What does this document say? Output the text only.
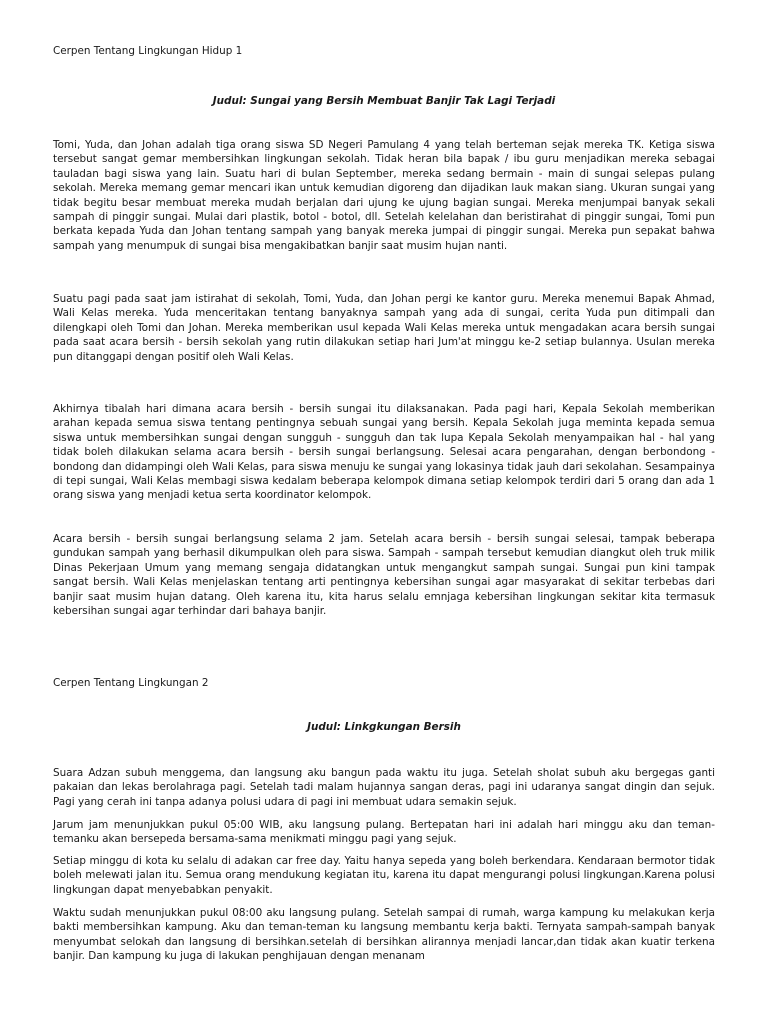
Cerpen Tentang Lingkungan Hidup 1

Judul: Sungai yang Bersih Membuat Banjir Tak Lagi Terjadi

Tomi, Yuda, dan Johan adalah tiga orang siswa SD Negeri Pamulang 4 yang telah berteman sejak mereka TK. Ketiga siswa tersebut sangat gemar membersihkan lingkungan sekolah. Tidak heran bila bapak / ibu guru menjadikan mereka sebagai tauladan bagi siswa yang lain. Suatu hari di bulan September, mereka sedang bermain - main di sungai selepas pulang sekolah. Mereka memang gemar mencari ikan untuk kemudian digoreng dan dijadikan lauk makan siang. Ukuran sungai yang tidak begitu besar membuat mereka mudah berjalan dari ujung ke ujung bagian sungai. Mereka menjumpai banyak sekali sampah di pinggir sungai. Mulai dari plastik, botol - botol, dll. Setelah kelelahan dan beristirahat di pinggir sungai, Tomi pun berkata kepada Yuda dan Johan tentang sampah yang banyak mereka jumpai di pinggir sungai. Mereka pun sepakat bahwa sampah yang menumpuk di sungai bisa mengakibatkan banjir saat musim hujan nanti.

Suatu pagi pada saat jam istirahat di sekolah, Tomi, Yuda, dan Johan pergi ke kantor guru. Mereka menemui Bapak Ahmad, Wali Kelas mereka. Yuda menceritakan tentang banyaknya sampah yang ada di sungai, cerita Yuda pun ditimpali dan dilengkapi oleh Tomi dan Johan. Mereka memberikan usul kepada Wali Kelas mereka untuk mengadakan acara bersih sungai pada saat acara bersih - bersih sekolah yang rutin dilakukan setiap hari Jum'at minggu ke-2 setiap bulannya. Usulan mereka pun ditanggapi dengan positif oleh Wali Kelas.

Akhirnya tibalah hari dimana acara bersih - bersih sungai itu dilaksanakan. Pada pagi hari, Kepala Sekolah memberikan arahan kepada semua siswa tentang pentingnya sebuah sungai yang bersih. Kepala Sekolah juga meminta kepada semua siswa untuk membersihkan sungai dengan sungguh - sungguh dan tak lupa Kepala Sekolah menyampaikan hal - hal yang tidak boleh dilakukan selama acara bersih - bersih sungai berlangsung. Selesai acara pengarahan, dengan berbondong - bondong dan didampingi oleh Wali Kelas, para siswa menuju ke sungai yang lokasinya tidak jauh dari sekolahan. Sesampainya di tepi sungai, Wali Kelas membagi siswa kedalam beberapa kelompok dimana setiap kelompok terdiri dari 5 orang dan ada 1 orang siswa yang menjadi ketua serta koordinator kelompok.

Acara bersih - bersih sungai berlangsung selama 2 jam. Setelah acara bersih - bersih sungai selesai, tampak beberapa gundukan sampah yang berhasil dikumpulkan oleh para siswa. Sampah - sampah tersebut kemudian diangkut oleh truk milik Dinas Pekerjaan Umum yang memang sengaja didatangkan untuk mengangkut sampah sungai. Sungai pun kini tampak sangat bersih. Wali Kelas menjelaskan tentang arti pentingnya kebersihan sungai agar masyarakat di sekitar terbebas dari banjir saat musim hujan datang. Oleh karena itu, kita harus selalu emnjaga kebersihan lingkungan sekitar kita termasuk kebersihan sungai agar terhindar dari bahaya banjir.

Cerpen Tentang Lingkungan 2

Judul: Linkgkungan Bersih

Suara Adzan subuh menggema, dan langsung aku bangun pada waktu itu juga. Setelah sholat subuh aku bergegas ganti pakaian dan lekas berolahraga pagi. Setelah tadi malam hujannya sangan deras, pagi ini udaranya sangat dingin dan sejuk. Pagi yang cerah ini tanpa adanya polusi udara di pagi ini membuat udara semakin sejuk.

Jarum jam menunjukkan pukul 05:00 WIB, aku langsung pulang. Bertepatan hari ini adalah hari minggu aku dan teman-temanku akan bersepeda bersama-sama menikmati minggu pagi yang sejuk.

Setiap minggu di kota ku selalu di adakan car free day. Yaitu hanya sepeda yang boleh berkendara. Kendaraan bermotor tidak boleh melewati jalan itu. Semua orang mendukung kegiatan itu, karena itu dapat mengurangi polusi lingkungan.Karena polusi lingkungan dapat menyebabkan penyakit.

Waktu sudah menunjukkan pukul 08:00 aku langsung pulang. Setelah sampai di rumah, warga kampung ku melakukan kerja bakti membersihkan kampung. Aku dan teman-teman ku langsung membantu kerja bakti. Ternyata sampah-sampah banyak menyumbat selokah dan langsung di bersihkan.setelah di bersihkan alirannya menjadi lancar,dan tidak akan kuatir terkena banjir. Dan kampung ku juga di lakukan penghijauan dengan menanam
